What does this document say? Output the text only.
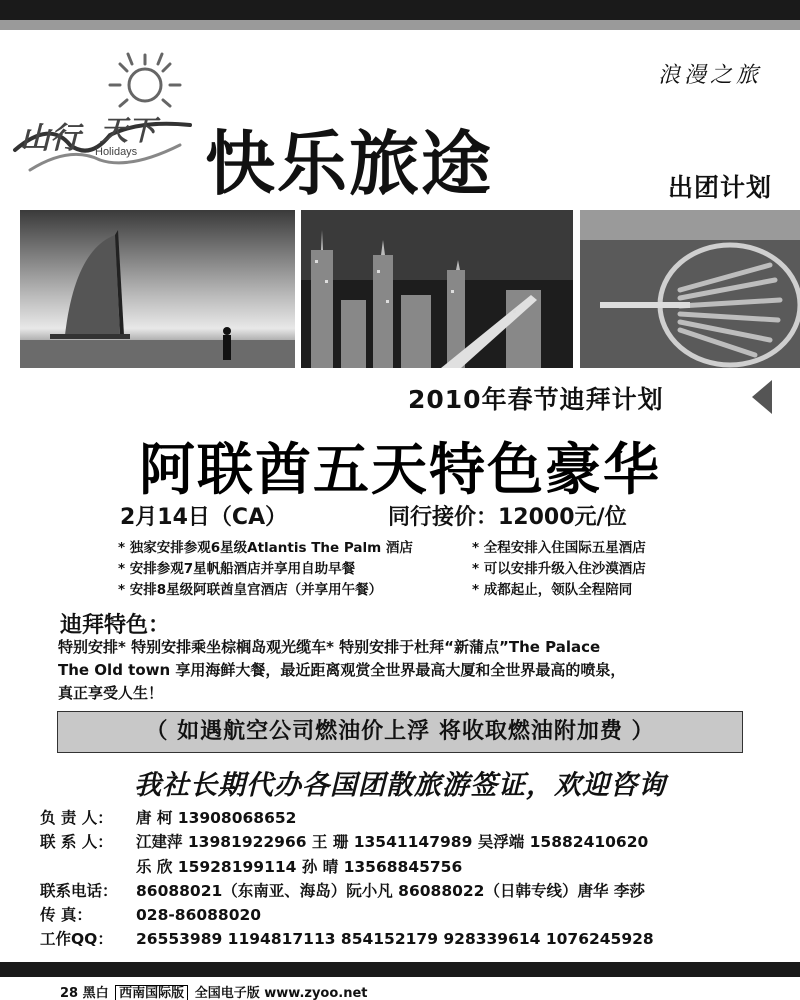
山行 天下
Holidays
浪漫之旅
快乐旅途	出团计划
2010年春节迪拜计划
阿联酋五天特色豪华
2月14日（CA）	同行接价：12000元/位
* 独家安排参观6星级Atlantis The Palm 酒店
* 安排参观7星帆船酒店并享用自助早餐
* 安排8星级阿联酋皇宫酒店（并享用午餐）
* 全程安排入住国际五星酒店
* 可以安排升级入住沙漠酒店
* 成都起止，领队全程陪同
迪拜特色：
特别安排* 特别安排乘坐棕榈岛观光缆车* 特别安排于杜拜“新蒲点”The Palace
The Old town 享用海鲜大餐，最近距离观赏全世界最高大厦和全世界最高的喷泉，
真正享受人生！
（ 如遇航空公司燃油价上浮 将收取燃油附加费 ）
我社长期代办各国团散旅游签证，欢迎咨询
负 责 人： 唐 柯 13908068652
联 系 人： 江建萍 13981922966 王 珊 13541147989 吴浮端 15882410620
乐 欣 15928199114 孙 晴 13568845756
联系电话： 86088021（东南亚、海岛）阮小凡 86088022（日韩专线）唐华 李莎
传 真：	028-86088020
工作QQ： 26553989 1194817113 854152179 928339614 1076245928
28 黑白 西南国际版 全国电子版 www.zyoo.net
